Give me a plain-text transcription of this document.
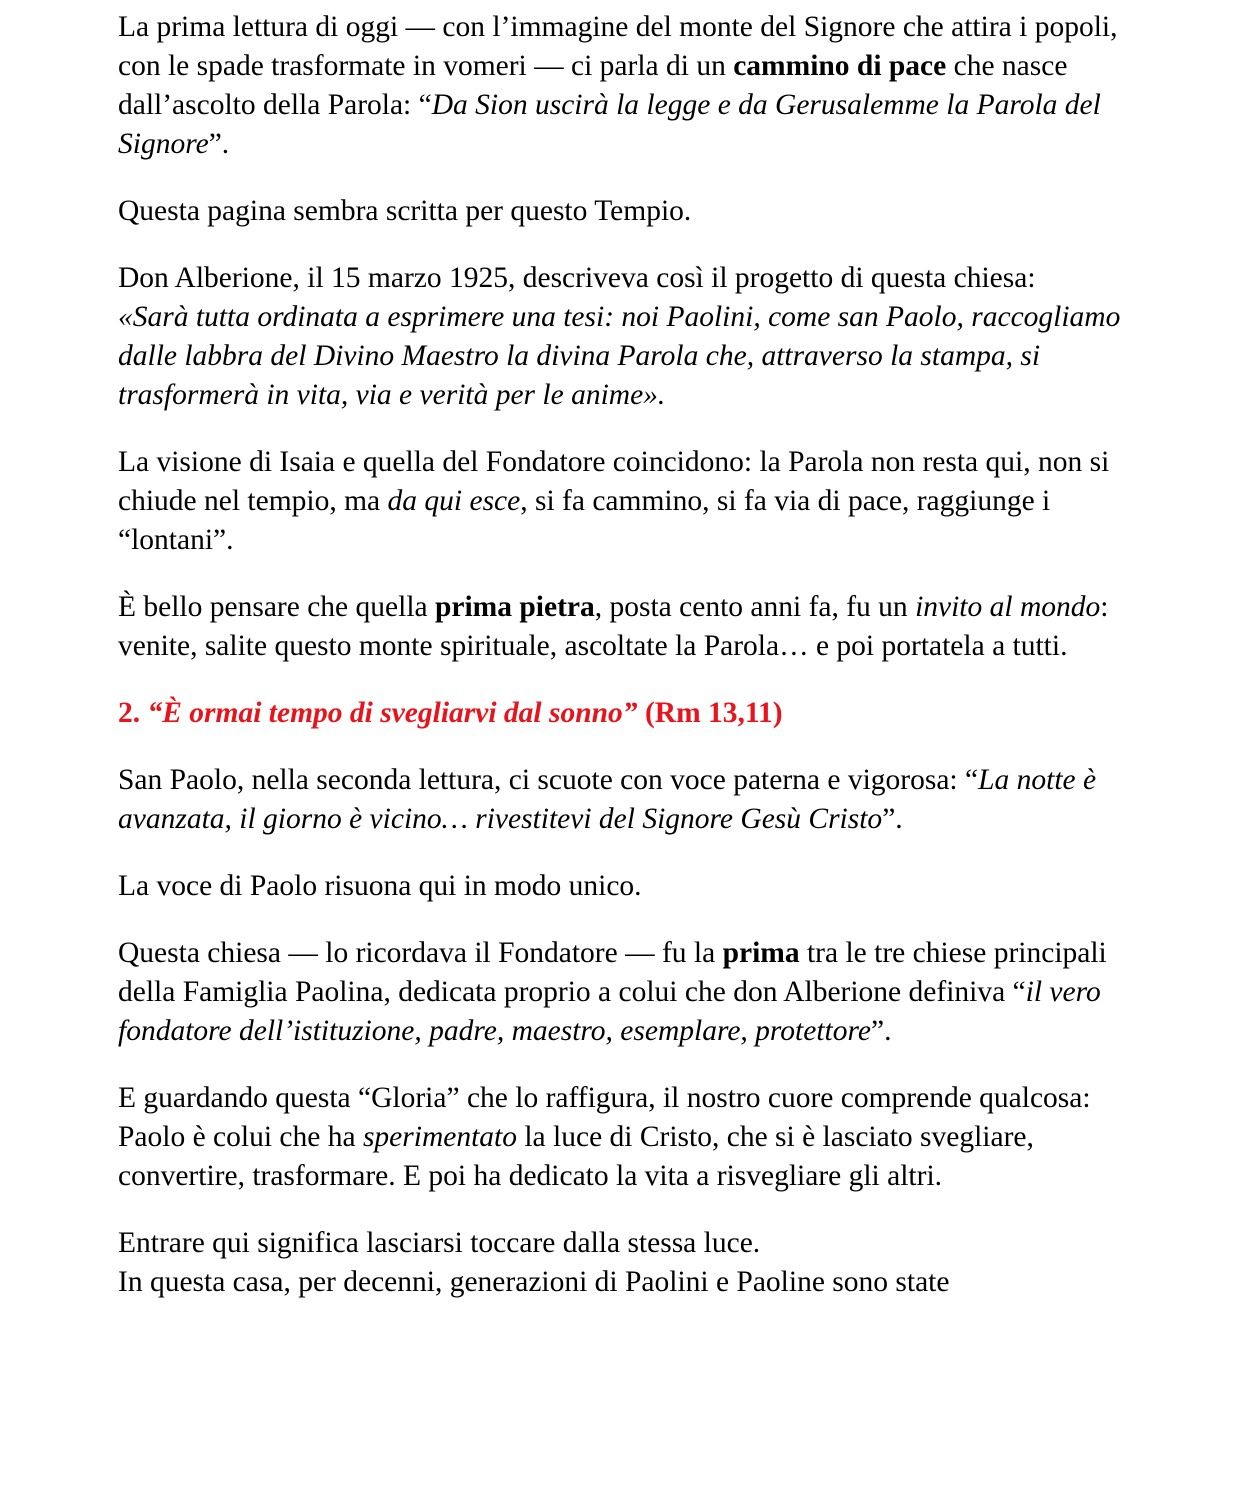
La prima lettura di oggi — con l’immagine del monte del Signore che attira i popoli, con le spade trasformate in vomeri — ci parla di un cammino di pace che nasce dall’ascolto della Parola: “Da Sion uscirà la legge e da Gerusalemme la Parola del Signore”.

Questa pagina sembra scritta per questo Tempio.

Don Alberione, il 15 marzo 1925, descriveva così il progetto di questa chiesa:
«Sarà tutta ordinata a esprimere una tesi: noi Paolini, come san Paolo, raccogliamo dalle labbra del Divino Maestro la divina Parola che, attraverso la stampa, si trasformerà in vita, via e verità per le anime».

La visione di Isaia e quella del Fondatore coincidono: la Parola non resta qui, non si chiude nel tempio, ma da qui esce, si fa cammino, si fa via di pace, raggiunge i “lontani”.

È bello pensare che quella prima pietra, posta cento anni fa, fu un invito al mondo: venite, salite questo monte spirituale, ascoltate la Parola… e poi portatela a tutti.

2. “È ormai tempo di svegliarvi dal sonno” (Rm 13,11)

San Paolo, nella seconda lettura, ci scuote con voce paterna e vigorosa: “La notte è avanzata, il giorno è vicino… rivestitevi del Signore Gesù Cristo”.

La voce di Paolo risuona qui in modo unico.

Questa chiesa — lo ricordava il Fondatore — fu la prima tra le tre chiese principali della Famiglia Paolina, dedicata proprio a colui che don Alberione definiva “il vero fondatore dell’istituzione, padre, maestro, esemplare, protettore”.

E guardando questa “Gloria” che lo raffigura, il nostro cuore comprende qualcosa: Paolo è colui che ha sperimentato la luce di Cristo, che si è lasciato svegliare, convertire, trasformare. E poi ha dedicato la vita a risvegliare gli altri.

Entrare qui significa lasciarsi toccare dalla stessa luce.
In questa casa, per decenni, generazioni di Paolini e Paoline sono state
